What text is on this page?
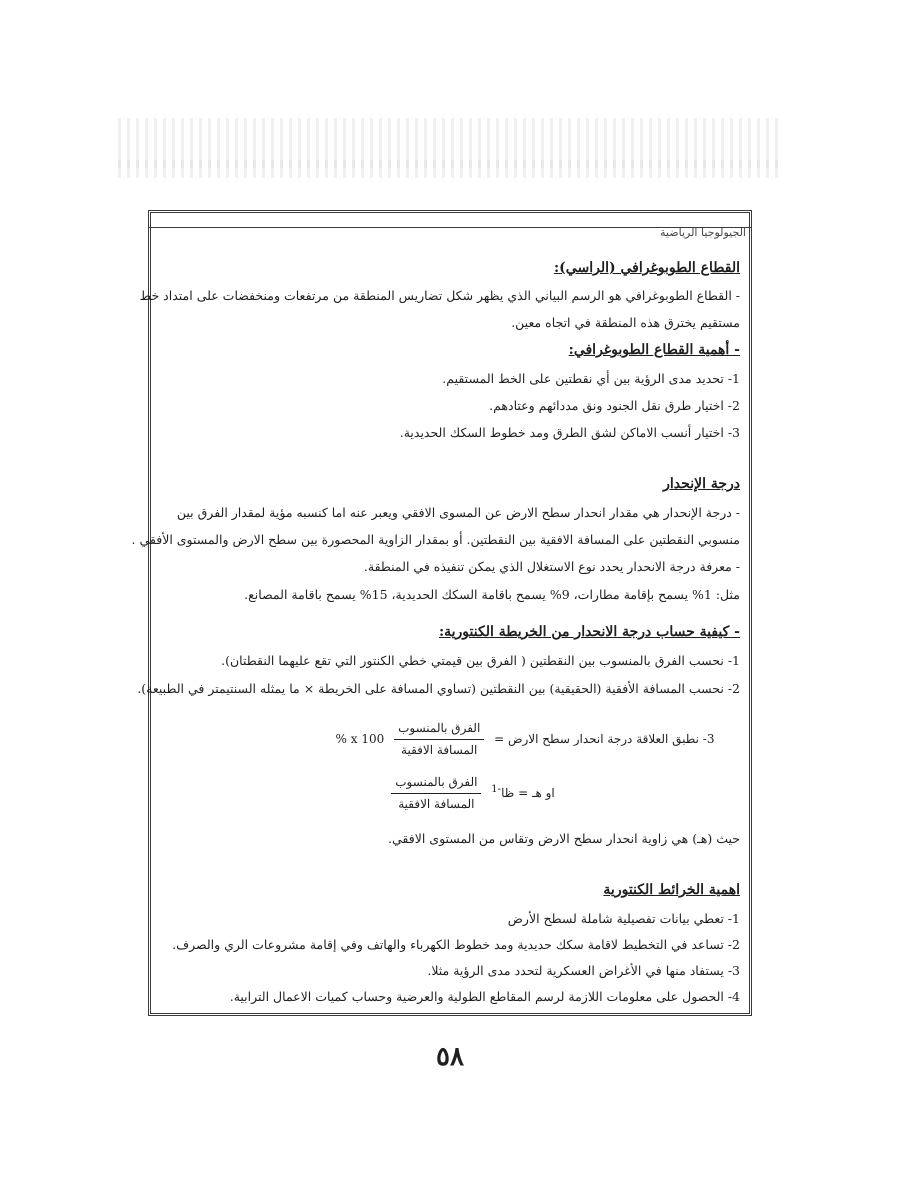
الجيولوجيا الرياضية
القطاع الطوبوغرافي (الراسي):
- القطاع الطوبوغرافي هو الرسم البياني الذي يظهر شكل تضاريس المنطقة من مرتفعات ومنخفضات على امتداد خط
مستقيم يخترق هذه المنطقة في اتجاه معين.
- أهمية القطاع الطوبوغرافي:
1- تحديد مدى الرؤية بين أي نقطتين على الخط المستقيم.
2- اختيار طرق نقل الجنود ونق مددائهم وعتادهم.
3- اختيار أنسب الاماكن لشق الطرق ومد خطوط السكك الحديدية.
درجة الإنحدار
- درجة الإنحدار هي مقدار انحدار سطح الارض عن المسوى الافقي ويعبر عنه اما كنسبه مؤية لمقدار الفرق بين
منسوبي النقطتين على المسافة الافقية بين النقطتين. أو بمقدار الزاوية المحصورة بين سطح الارض والمستوى الأفقي .
- معرفة درجة الانحدار يحدد نوع الاستغلال الذي يمكن تنفيذه في المنطقة.
مثل: 1% يسمح بإقامة مطارات، 9% يسمح باقامة السكك الحديدية، 15% يسمح باقامة المصانع.
- كيفية حساب درجة الانحدار من الخريطة الكنتورية:
1- نحسب الفرق بالمنسوب بين النقطتين ( الفرق بين قيمتي خطي الكنتور التي تقع عليهما النقطتان).
2- نحسب المسافة الأفقية (الحقيقية) بين النقطتين (تساوي المسافة على الخريطة × ما يمثله السنتيمتر في الطبيعة).
3- نطبق العلاقة درجة انحدار سطح الارض =
$\frac{\text{الفرق بالمنسوب}}{\text{المسافة الافقية}}$
x 100 %
او هـ = ظا$^{-1}$
$\frac{\text{الفرق بالمنسوب}}{\text{المسافة الافقية}}$
حيث (هـ) هي زاوية انحدار سطح الارض وتقاس من المستوى الافقي.
اهمية الخرائط الكنتورية
1- تعطي بيانات تفصيلية شاملة لسطح الأرض
2- تساعد في التخطيط لاقامة سكك حديدية ومد خطوط الكهرباء والهاتف وفي إقامة مشروعات الري والصرف.
3- يستفاد منها في الأغراض العسكرية لتحدد مدى الرؤية مثلا.
4- الحصول على معلومات اللازمة لرسم المقاطع الطولية والعرضية وحساب كميات الاعمال الترابية.
٥٨
